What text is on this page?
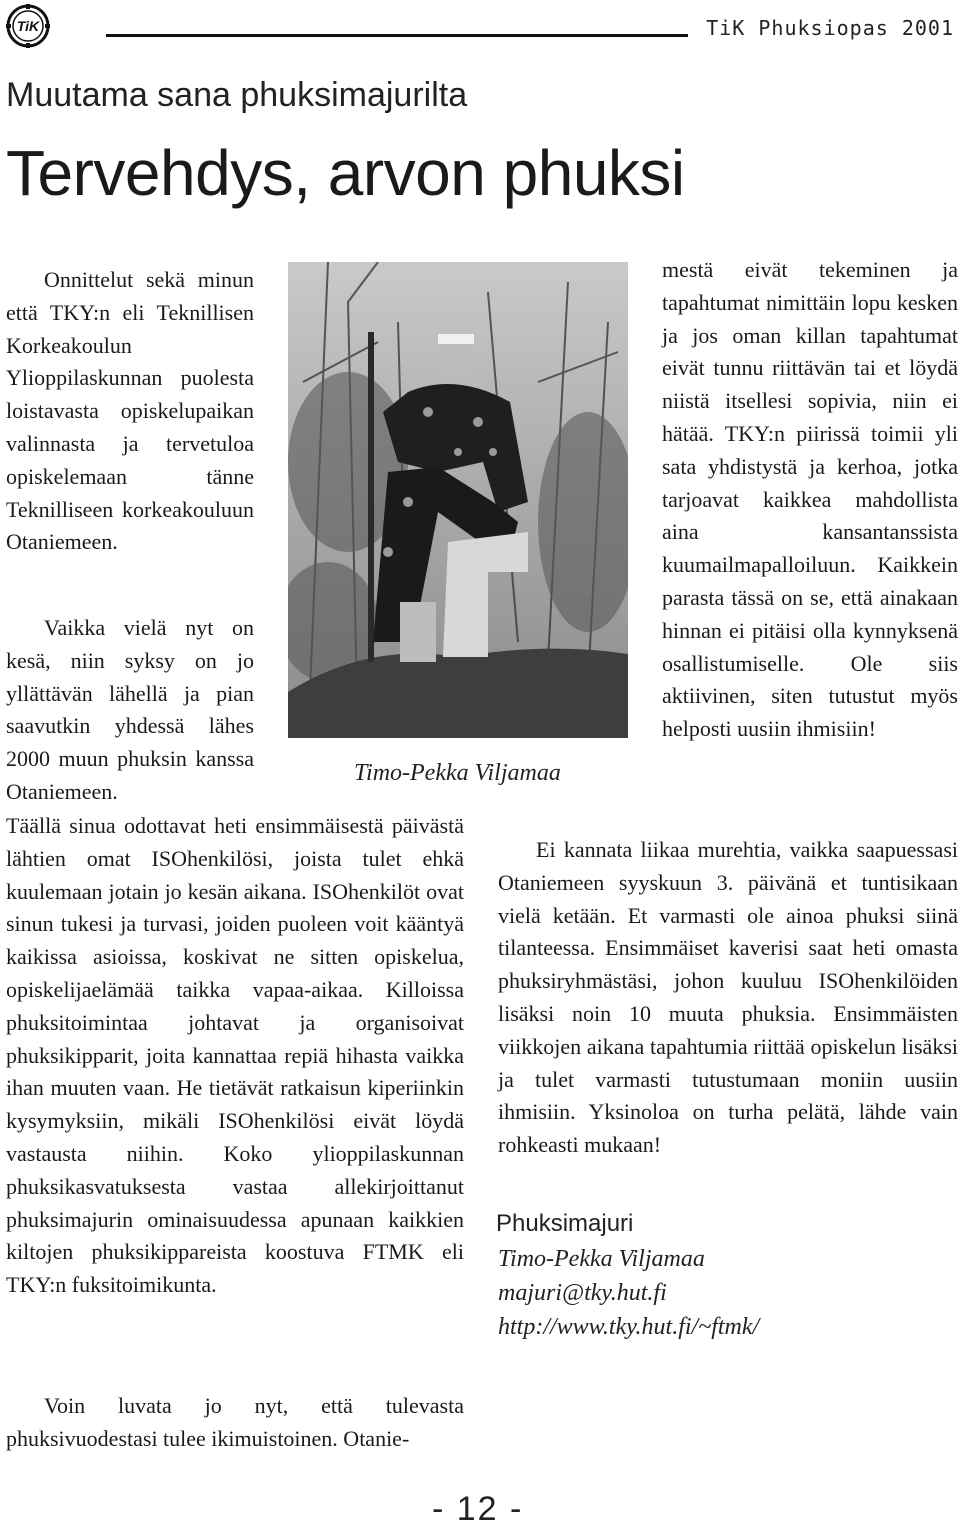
TiK	TiK Phuksiopas 2001
Muutama sana phuksimajurilta
Tervehdys, arvon phuksi

Onnittelut sekä minun että TKY:n eli Teknillisen Korkeakoulun Ylioppilaskunnan puolesta loistavasta opiskelupaikan valinnasta ja tervetuloa opiskelemaan tänne Teknilliseen korkeakouluun Otaniemeen.

Vaikka vielä nyt on kesä, niin syksy on jo yllättävän lähellä ja pian saavutkin yhdessä lähes 2000 muun phuksin kanssa Otaniemeen.

Täällä sinua odottavat heti ensimmäisestä päivästä lähtien omat ISOhenkilösi, joista tulet ehkä kuulemaan jotain jo kesän aikana. ISOhenkilöt ovat sinun tukesi ja turvasi, joiden puoleen voit kääntyä kaikissa asioissa, koskivat ne sitten opiskelua, opiskelijaelämää taikka vapaa-aikaa. Killoissa phuksitoimintaa johtavat ja organisoivat phuksikipparit, joita kannattaa repiä hihasta vaikka ihan muuten vaan. He tietävät ratkaisun kiperiinkin kysymyksiin, mikäli ISOhenkilösi eivät löydä vastausta niihin. Koko ylioppilaskunnan phuksikasvatuksesta vastaa allekirjoittanut phuksimajurin ominaisuudessa apunaan kaikkien kiltojen phuksikippareista koostuva FTMK eli TKY:n fuksitoimikunta.

Voin luvata jo nyt, että tulevasta phuksivuodestasi tulee ikimuistoinen. Otanie-

Timo-Pekka Viljamaa

mestä eivät tekeminen ja tapahtumat nimittäin lopu kesken ja jos oman killan tapahtumat eivät tunnu riittävän tai et löydä niistä itsellesi sopivia, niin ei hätää. TKY:n piirissä toimii yli sata yhdistystä ja kerhoa, jotka tarjoavat kaikkea mahdollista aina kansantanssista kuumailmapalloiluun. Kaikkein parasta tässä on se, että ainakaan hinnan ei pitäisi olla kynnyksenä osallistumiselle. Ole siis aktiivinen, siten tutustut myös helposti uusiin ihmisiin!

Ei kannata liikaa murehtia, vaikka saapuessasi Otaniemeen syyskuun 3. päivänä et tuntisikaan vielä ketään. Et varmasti ole ainoa phuksi siinä tilanteessa. Ensimmäiset kaverisi saat heti omasta phuksiryhmästäsi, johon kuuluu ISOhenkilöiden lisäksi noin 10 muuta phuksia. Ensimmäisten viikkojen aikana tapahtumia riittää opiskelun lisäksi ja tulet varmasti tutustumaan moniin uusiin ihmisiin. Yksinoloa on turha pelätä, lähde vain rohkeasti mukaan!

Phuksimajuri
Timo-Pekka Viljamaa
majuri@tky.hut.fi
http://www.tky.hut.fi/~ftmk/
- 12 -
